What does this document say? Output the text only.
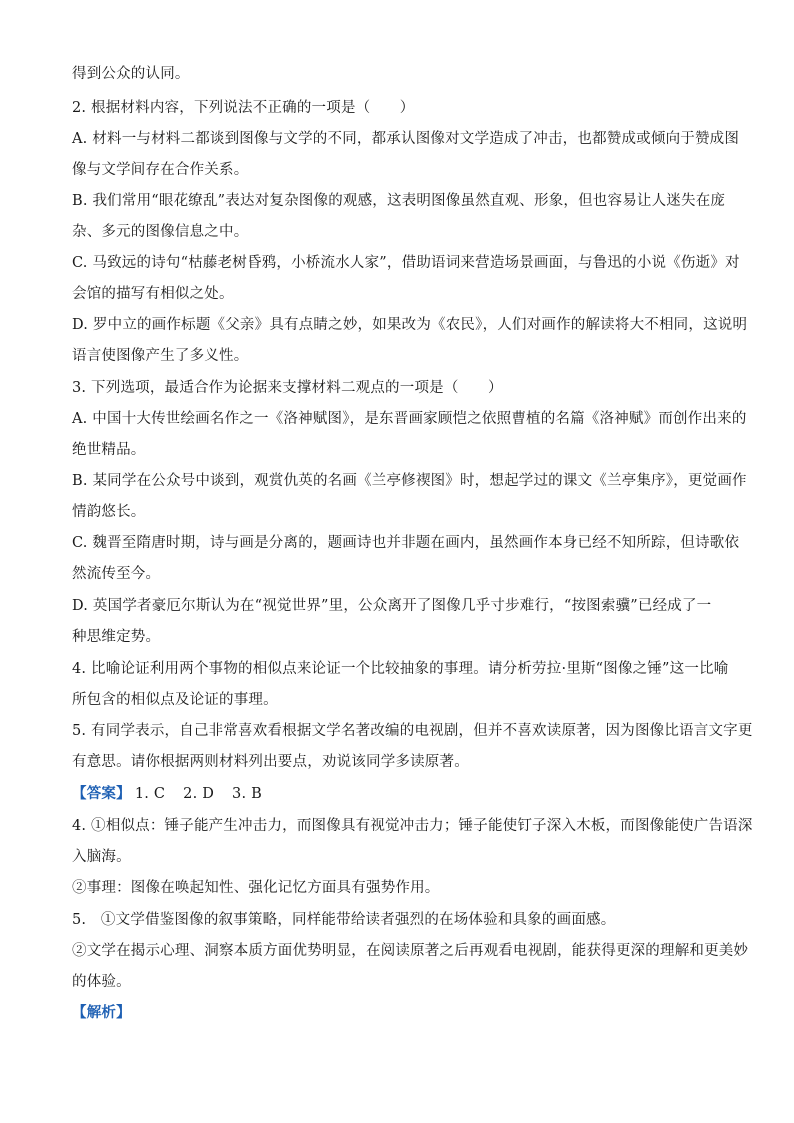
得到公众的认同。
2. 根据材料内容，下列说法不正确的一项是（　　）
A. 材料一与材料二都谈到图像与文学的不同，都承认图像对文学造成了冲击，也都赞成或倾向于赞成图
像与文学间存在合作关系。
B. 我们常用“眼花缭乱”表达对复杂图像的观感，这表明图像虽然直观、形象，但也容易让人迷失在庞
杂、多元的图像信息之中。
C. 马致远的诗句“枯藤老树昏鸦，小桥流水人家”，借助语词来营造场景画面，与鲁迅的小说《伤逝》对
会馆的描写有相似之处。
D. 罗中立的画作标题《父亲》具有点睛之妙，如果改为《农民》，人们对画作的解读将大不相同，这说明
语言使图像产生了多义性。
3. 下列选项，最适合作为论据来支撑材料二观点的一项是（　　）
A. 中国十大传世绘画名作之一《洛神赋图》，是东晋画家顾恺之依照曹植的名篇《洛神赋》而创作出来的
绝世精品。
B. 某同学在公众号中谈到，观赏仇英的名画《兰亭修禊图》时，想起学过的课文《兰亭集序》，更觉画作
情韵悠长。
C. 魏晋至隋唐时期，诗与画是分离的，题画诗也并非题在画内，虽然画作本身已经不知所踪，但诗歌依
然流传至今。
D. 英国学者豪厄尔斯认为在“视觉世界”里，公众离开了图像几乎寸步难行，“按图索骥”已经成了一
种思维定势。
4. 比喻论证利用两个事物的相似点来论证一个比较抽象的事理。请分析劳拉·里斯“图像之锤”这一比喻
所包含的相似点及论证的事理。
5. 有同学表示，自己非常喜欢看根据文学名著改编的电视剧，但并不喜欢读原著，因为图像比语言文字更
有意思。请你根据两则材料列出要点，劝说该同学多读原著。
【答案】 1. C 2. D 3. B
4. ①相似点：锤子能产生冲击力，而图像具有视觉冲击力；锤子能使钉子深入木板，而图像能使广告语深
入脑海。
②事理：图像在唤起知性、强化记忆方面具有强势作用。
5.　①文学借鉴图像的叙事策略，同样能带给读者强烈的在场体验和具象的画面感。
②文学在揭示心理、洞察本质方面优势明显，在阅读原著之后再观看电视剧，能获得更深的理解和更美妙
的体验。
【解析】
